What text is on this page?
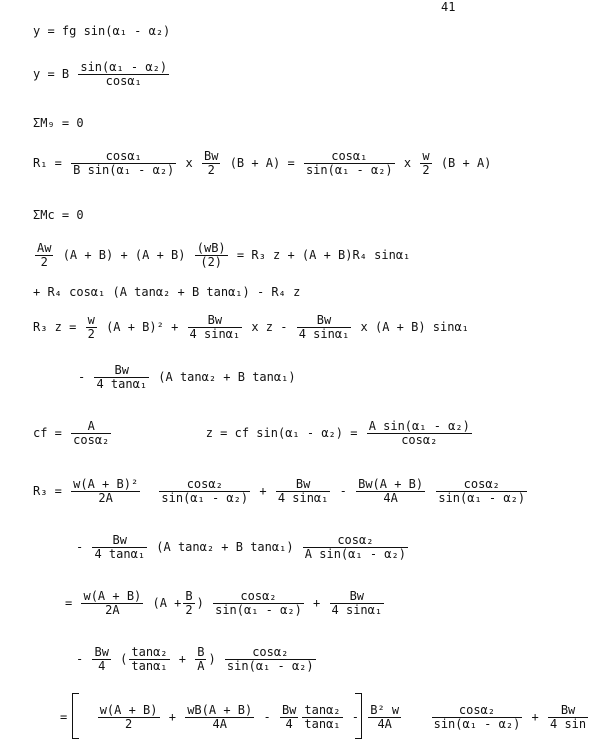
41
y = fg sin(α₁ - α₂)
y = B $\frac{\text{sin(α₁ - α₂)}}{\text{cosα₁}}$
ΣM₉ = 0
$R_1 = \frac{\text{cosα₁}}{\text{B sin(α₁ - α₂)}}$ x $\frac{Bw}{2} (B + A) = \frac{\text{cosα₁}}{\text{sin(α₁ - α₂)}}$ x $\frac{w}{2} (B + A)$
ΣMc = 0
$\frac{Aw}{2} (A + B) + (A + B) \frac{(wB)}{(2)} = R_3$ z + (A + B)R₄ sinα₁
+ R₄ cosα₁ (A tanα₂ + B tanα₁) - R₄ z
R₃ $z = \frac{w}{2} (A + B)^2 + \frac{Bw}{\text{4 sinα₁}}$ x z - $\frac{Bw}{\text{4 sinα₁}}$ x (A + B) sinα₁
- $\frac{Bw}{\text{4 tanα₁}} (A$ tanα₂ + B tanα₁)
cf = $\frac{A}{\text{cosα₂}}$	z = cf $\sin(\alpha_1 - \alpha_2) = \frac{\text{A sin(α₁ - α₂)}}{\text{cosα₂}}$
$R_3 = \frac{\text{w(A + B)²}}{2A}$
$\frac{\text{cosα₂}}{\text{sin(α₁ - α₂)}} + \frac{Bw}{\text{4 sinα₁}} - \frac{Bw(A + B)}{4A}$
$\frac{\text{cosα₂}}{\text{sin(α₁ - α₂)}}$
- $\frac{Bw}{\text{4 tanα₁}} (A$ tanα₂ + B $\tan\alpha_1) \frac{\text{cosα₂}}{\text{A sin(α₁ - α₂)}}$
= $\frac{w(A + B)}{2A} (A + \frac{B}{2}$ ) $\frac{\text{cosα₂}}{\text{sin(α₁ - α₂)}} + \frac{Bw}{\text{4 sinα₁}}$
- $\frac{Bw}{4}$ ( $\frac{\text{tanα₂}}{\text{tanα₁}} + \frac{B}{A}$ ) $\frac{\text{cosα₂}}{\text{sin(α₁ - α₂)}}$
=	$\frac{w(A + B)}{2} + \frac{wB(A + B)}{4A} - \frac{Bw}{4} \frac{\text{tanα₂}}{\text{tanα₁}} - \frac{\text{B² w}}{4A}$
	$\frac{\text{cosα₂}}{\text{sin(α₁ - α₂)}} + \frac{Bw}{4 \sin}$
